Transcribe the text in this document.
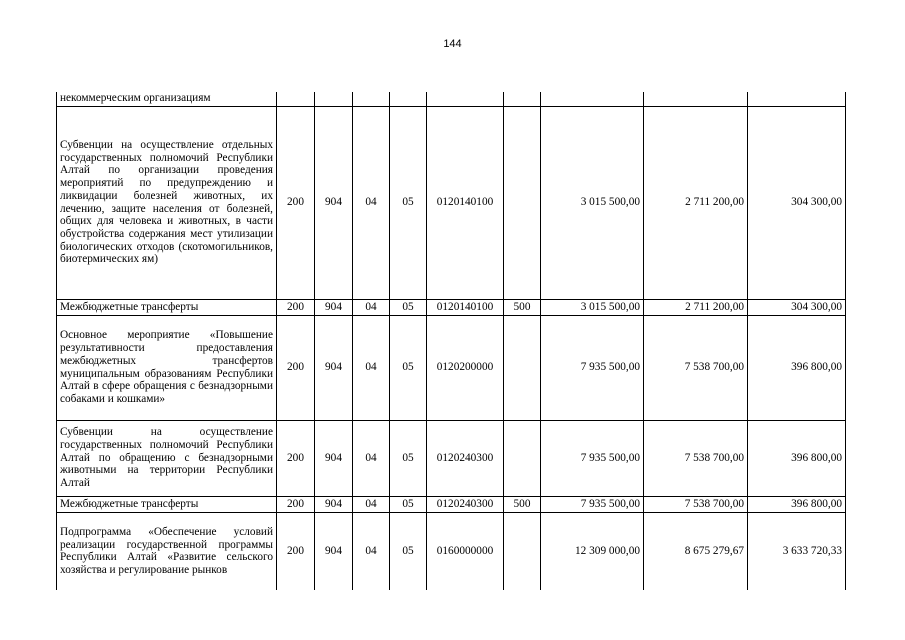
144
некоммерческим организациям									
Субвенции на осуществление отдельных государственных полномочий Республики Алтай по организации проведения мероприятий по предупреждению и ликвидации болезней животных, их лечению, защите населения от болезней, общих для человека и животных, в части обустройства содержания мест утилизации биологических отходов (скотомогильников, биотермических ям)	200	904	04	05	0120140100		3 015 500,00	2 711 200,00	304 300,00
Межбюджетные трансферты	200	904	04	05	0120140100	500	3 015 500,00	2 711 200,00	304 300,00
Основное мероприятие «Повышение результативности предоставления межбюджетных трансфертов муниципальным образованиям Республики Алтай в сфере обращения с безнадзорными собаками и кошками»	200	904	04	05	0120200000		7 935 500,00	7 538 700,00	396 800,00
Субвенции на осуществление государственных полномочий Республики Алтай по обращению с безнадзорными животными на территории Республики Алтай	200	904	04	05	0120240300		7 935 500,00	7 538 700,00	396 800,00
Межбюджетные трансферты	200	904	04	05	0120240300	500	7 935 500,00	7 538 700,00	396 800,00
Подпрограмма «Обеспечение условий реализации государственной программы Республики Алтай «Развитие сельского хозяйства и регулирование рынков	200	904	04	05	0160000000		12 309 000,00	8 675 279,67	3 633 720,33
